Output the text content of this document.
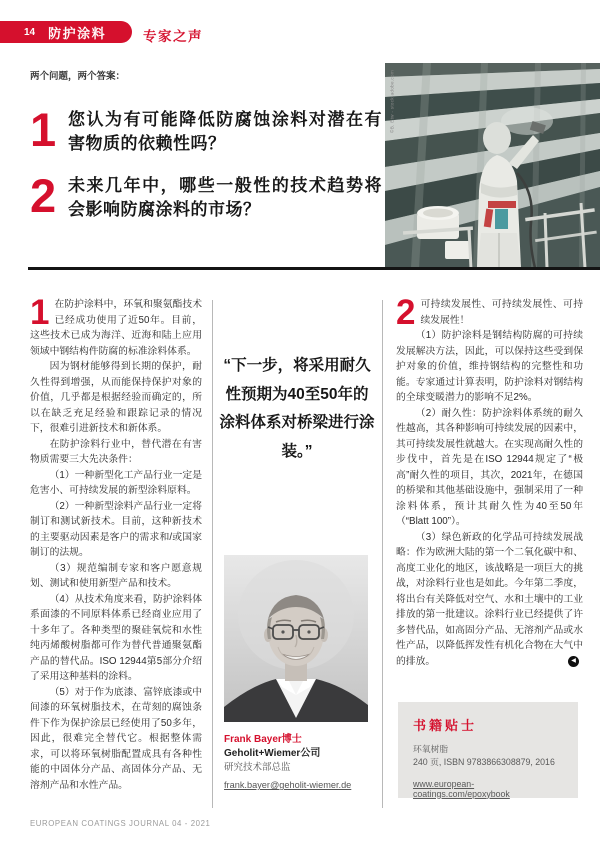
14 防护涂料	专家之声
两个问题，两个答案：
1 您认为有可能降低防腐蚀涂料对潜在有害物质的依赖性吗？
2 未来几年中，哪些一般性的技术趋势将会影响防腐涂料的市场？
©B. Etw - stock.adobe.com

1 在防护涂料中，环氧和聚氨酯技术已经成功使用了近50年。目前，这些技术已成为海洋、近海和陆上应用领域中钢结构件防腐的标准涂料体系。

因为钢材能够得到长期的保护，耐久性得到增强，从而能保持保护对象的价值，几乎都是根据经验而确定的，所以在缺乏充足经验和跟踪记录的情况下，很难引进新技术和新体系。

在防护涂料行业中，替代潜在有害物质需要三大先决条件：

（1）一种新型化工产品行业一定是危害小、可持续发展的新型涂料原料。

（2）一种新型涂料产品行业一定将制订和测试新技术。目前，这种新技术的主要驱动因素是客户的需求和/或国家制订的法规。

（3）规范编制专家和客户愿意规划、测试和使用新型产品和技术。

（4）从技术角度来看，防护涂料体系面漆的不同原料体系已经商业应用了十多年了。各种类型的聚硅氧烷和水性纯丙烯酸树脂都可作为替代普通聚氨酯产品的替代品。ISO 12944第5部分介绍了采用这种基料的涂料。

（5）对于作为底漆、富锌底漆或中间漆的环氧树脂技术，在苛刻的腐蚀条件下作为保护涂层已经使用了50多年，因此，很难完全替代它。根据整体需求，可以将环氧树脂配置成具有各种性能的中固体分产品、高固体分产品、无溶剂产品和水性产品。

“下一步，将采用耐久性预期为40至50年的涂料体系对桥梁进行涂装。”
Frank Bayer博士
Geholit+Wiemer公司
研究技术部总监
frank.bayer@geholit-wiemer.de

2 可持续发展性、可持续发展性、可持续发展性！

（1）防护涂料是钢结构防腐的可持续发展解决方法，因此，可以保持这些受到保护对象的价值，维持钢结构的完整性和功能。专家通过计算表明，防护涂料对钢结构的全球变暖潜力的影响不足2%。

（2）耐久性：防护涂料体系统的耐久性越高，其各种影响可持续发展的因素中，其可持续发展性就越大。在实现高耐久性的步伐中，首先是在ISO 12944规定了“极高”耐久性的项目，其次，2021年，在德国的桥梁和其他基础设施中，强制采用了一种涂料体系，预计其耐久性为40至50年（“Blatt 100”）。

（3）绿色新政的化学品可持续发展战略：作为欧洲大陆的第一个二氧化碳中和、高度工业化的地区，该战略是一项巨大的挑战，对涂料行业也是如此。今年第二季度，将出台有关降低对空气、水和土壤中的工业排放的第一批建议。涂料行业已经提供了许多替代品，如高固分产品、无溶剂产品或水性产品，以降低挥发性有机化合物在大气中的排放。	◀

书籍贴士
环氧树脂
240 页, ISBN 9783866308879, 2016
www.european-coatings.com/epoxybook
EUROPEAN COATINGS JOURNAL 04 - 2021
